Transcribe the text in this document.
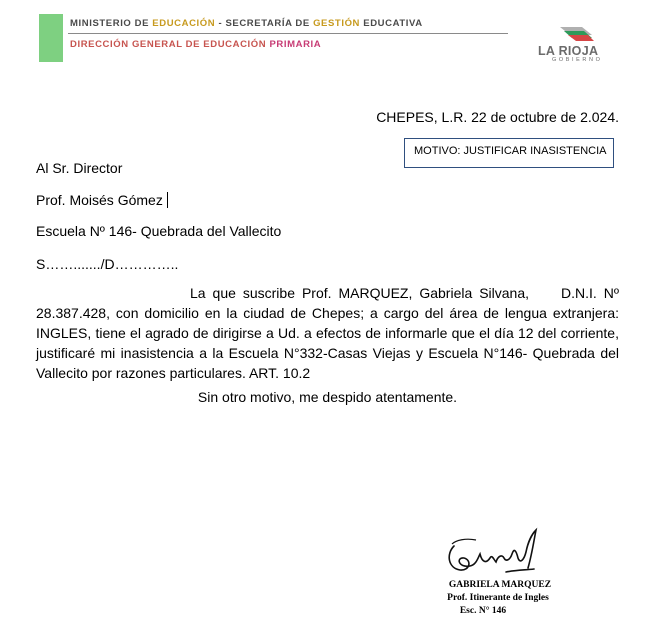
MINISTERIO DE EDUCACIÓN - SECRETARÍA DE GESTIÓN EDUCATIVA
DIRECCIÓN GENERAL DE EDUCACIÓN PRIMARIA	LA RIOJA
GOBIERNO
CHEPES, L.R. 22 de octubre de 2.024.
MOTIVO: JUSTIFICAR INASISTENCIA
Al Sr. Director
Prof. Moisés Gómez
Escuela Nº 146- Quebrada del Vallecito
S……......./D…………..
La que suscribe Prof. MARQUEZ, Gabriela Silvana, D.N.I. Nº 28.387.428, con domicilio en la ciudad de Chepes; a cargo del área de lengua extranjera: INGLES, tiene el agrado de dirigirse a Ud. a efectos de informarle que el día 12 del corriente, justificaré mi inasistencia a la Escuela N°332-Casas Viejas y Escuela N°146- Quebrada del Vallecito por razones particulares. ART. 10.2
Sin otro motivo, me despido atentamente.
GABRIELA MARQUEZ
Prof. Itinerante de Ingles
Esc. N° 146
